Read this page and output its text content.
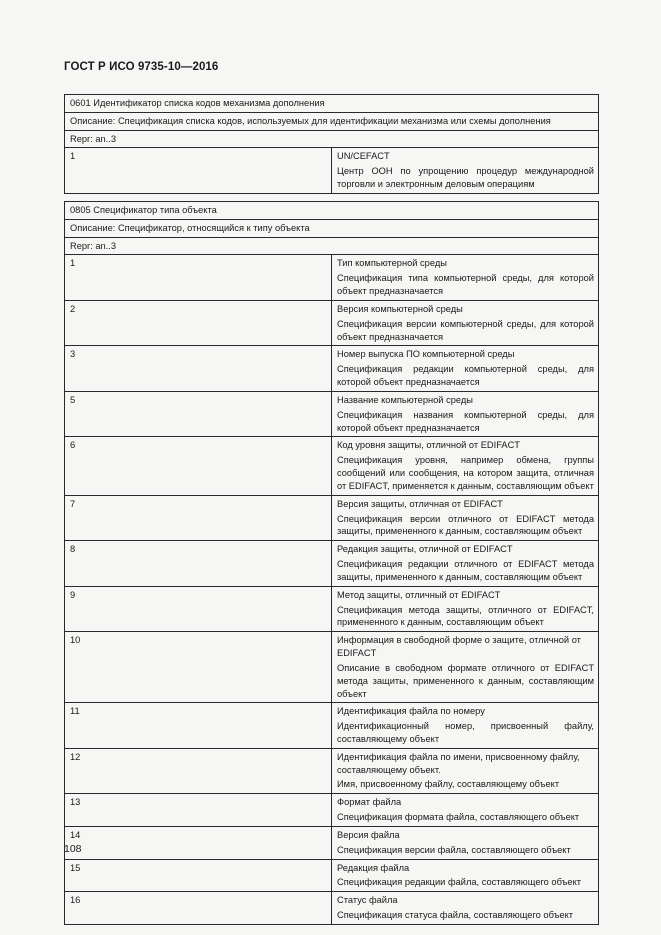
ГОСТ Р ИСО 9735-10—2016
0601 Идентификатор списка кодов механизма дополнения
Описание: Спецификация списка кодов, используемых для идентификации механизма или схемы дополнения
Repr: an..3
1	UN/CEFACT
Центр ООН по упрощению процедур международной торговли и электронным деловым операциям
0805 Спецификатор типа объекта	
Описание: Спецификатор, относящийся к типу объекта	
Repr: an..3	
1	Тип компьютерной среды
Спецификация типа компьютерной среды, для которой объект предназначается

2	Версия компьютерной среды
Спецификация версии компьютерной среды, для которой объект предназначается

3	Номер выпуска ПО компьютерной среды
Спецификация редакции компьютерной среды, для которой объект предназначается

5	Название компьютерной среды
Спецификация названия компьютерной среды, для которой объект предназначается

6	Код уровня защиты, отличной от EDIFACT
Спецификация уровня, например обмена, группы сообщений или сообщения, на котором защита, отличная от EDIFACT, применяется к данным, составляющим объект

7	Версия защиты, отличная от EDIFACT
Спецификация версии отличного от EDIFACT метода защиты, примененного к данным, составляющим объект

8	Редакция защиты, отличной от EDIFACT
Спецификация редакции отличного от EDIFACT метода защиты, примененного к данным, составляющим объект

9	Метод защиты, отличный от EDIFACT
Спецификация метода защиты, отличного от EDIFACT, примененного к данным, составляющим объект

10	Информация в свободной форме о защите, отличной от EDIFACT
Описание в свободном формате отличного от EDIFACT метода защиты, примененного к данным, составляющим объект

11	Идентификация файла по номеру
Идентификационный номер, присвоенный файлу, составляющему объект

12	Идентификация файла по имени, присвоенному файлу, составляющему объект.
Имя, присвоенному файлу, составляющему объект

13	Формат файла
Спецификация формата файла, составляющего объект

14	Версия файла
Спецификация версии файла, составляющего объект

15	Редакция файла
Спецификация редакции файла, составляющего объект

16	Статус файла
Спецификация статуса файла, составляющего объект
108
